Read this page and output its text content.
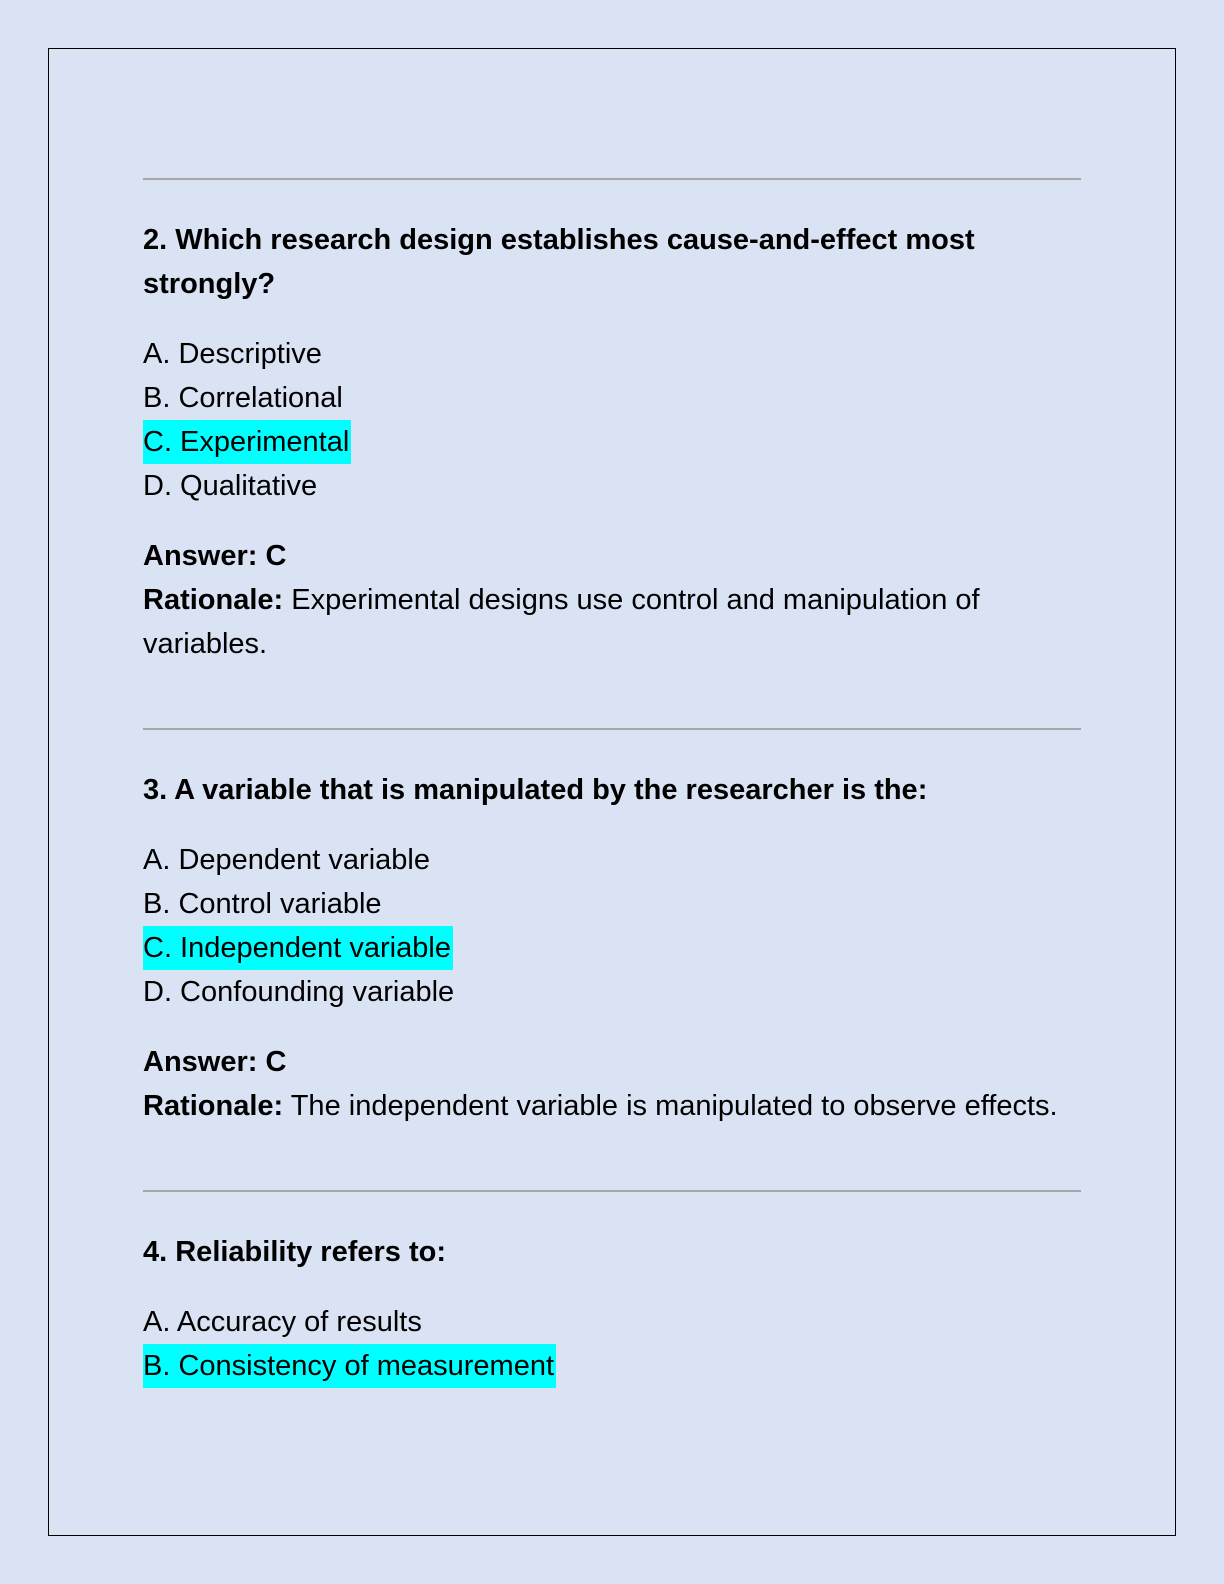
2. Which research design establishes cause-and-effect most strongly?

A. Descriptive
B. Correlational
C. Experimental
D. Qualitative

Answer: C

Rationale: Experimental designs use control and manipulation of variables.

3. A variable that is manipulated by the researcher is the:

A. Dependent variable
B. Control variable
C. Independent variable
D. Confounding variable

Answer: C

Rationale: The independent variable is manipulated to observe effects.

4. Reliability refers to:

A. Accuracy of results
B. Consistency of measurement
